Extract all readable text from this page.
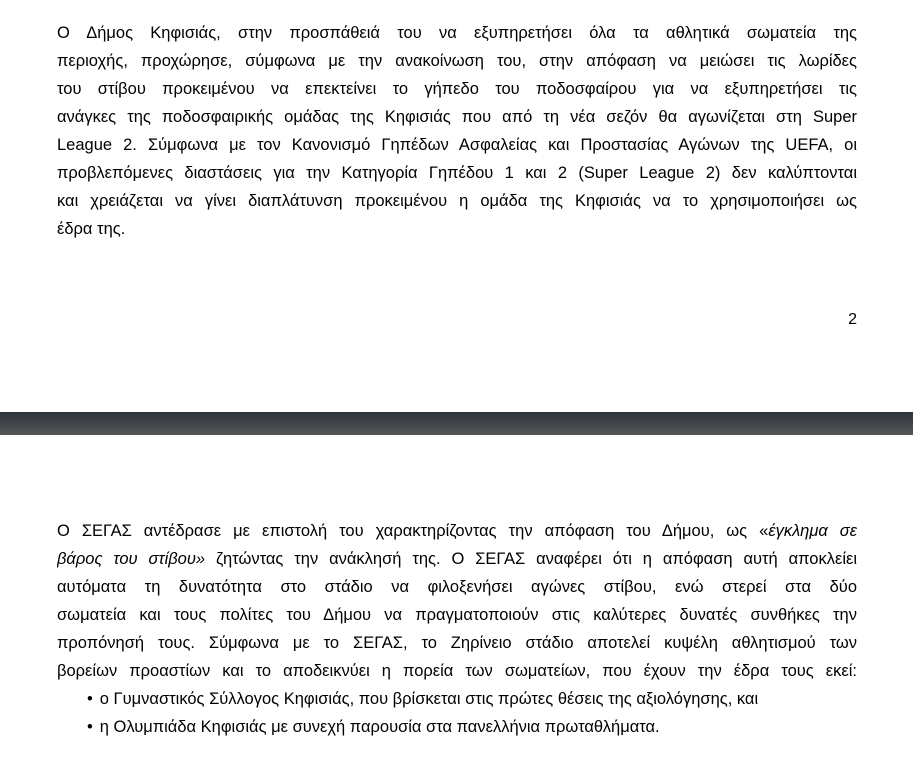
Ο Δήμος Κηφισιάς, στην προσπάθειά του να εξυπηρετήσει όλα τα αθλητικά σωματεία της
περιοχής, προχώρησε, σύμφωνα με την ανακοίνωση του, στην απόφαση να μειώσει τις λωρίδες
του στίβου προκειμένου να επεκτείνει το γήπεδο του ποδοσφαίρου για να εξυπηρετήσει τις
ανάγκες της ποδοσφαιρικής ομάδας της Κηφισιάς που από τη νέα σεζόν θα αγωνίζεται στη Super
League 2. Σύμφωνα με τον Κανονισμό Γηπέδων Ασφαλείας και Προστασίας Αγώνων της UEFA, οι
προβλεπόμενες διαστάσεις για την Κατηγορία Γηπέδου 1 και 2 (Super League 2) δεν καλύπτονται
και χρειάζεται να γίνει διαπλάτυνση προκειμένου η ομάδα της Κηφισιάς να το χρησιμοποιήσει ως
έδρα της.
2
Ο ΣΕΓΑΣ αντέδρασε με επιστολή του χαρακτηρίζοντας την απόφαση του Δήμου, ως «έγκλημα σε
βάρος του στίβου» ζητώντας την ανάκλησή της. Ο ΣΕΓΑΣ αναφέρει ότι η απόφαση αυτή αποκλείει
αυτόματα τη δυνατότητα στο στάδιο να φιλοξενήσει αγώνες στίβου, ενώ στερεί στα δύο
σωματεία και τους πολίτες του Δήμου να πραγματοποιούν στις καλύτερες δυνατές συνθήκες την
προπόνησή τους. Σύμφωνα με το ΣΕΓΑΣ, το Ζηρίνειο στάδιο αποτελεί κυψέλη αθλητισμού των
βορείων προαστίων και το αποδεικνύει η πορεία των σωματείων, που έχουν την έδρα τους εκεί:
• ο Γυμναστικός Σύλλογος Κηφισιάς, που βρίσκεται στις πρώτες θέσεις της αξιολόγησης, και
• η Ολυμπιάδα Κηφισιάς με συνεχή παρουσία στα πανελλήνια πρωταθλήματα.
